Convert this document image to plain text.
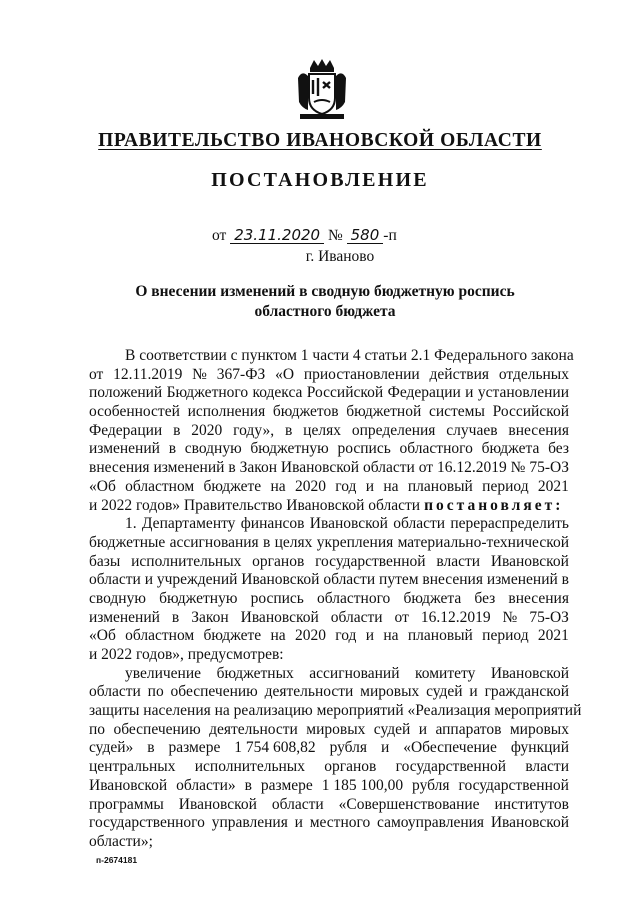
ПРАВИТЕЛЬСТВО ИВАНОВСКОЙ ОБЛАСТИ
ПОСТАНОВЛЕНИЕ
от 23.11.2020 № 580 -п
г. Иваново
О внесении изменений в сводную бюджетную роспись
областного бюджета
В соответствии с пунктом 1 части 4 статьи 2.1 Федерального закона
от 12.11.2019 № 367-ФЗ «О приостановлении действия отдельных
положений Бюджетного кодекса Российской Федерации и установлении
особенностей исполнения бюджетов бюджетной системы Российской
Федерации в 2020 году», в целях определения случаев внесения
изменений в сводную бюджетную роспись областного бюджета без
внесения изменений в Закон Ивановской области от 16.12.2019 № 75-ОЗ
«Об областном бюджете на 2020 год и на плановый период 2021
и 2022 годов» Правительство Ивановской области постановляет:
1. Департаменту финансов Ивановской области перераспределить
бюджетные ассигнования в целях укрепления материально-технической
базы исполнительных органов государственной власти Ивановской
области и учреждений Ивановской области путем внесения изменений в
сводную бюджетную роспись областного бюджета без внесения
изменений в Закон Ивановской области от 16.12.2019 № 75-ОЗ
«Об областном бюджете на 2020 год и на плановый период 2021
и 2022 годов», предусмотрев:
увеличение бюджетных ассигнований комитету Ивановской
области по обеспечению деятельности мировых судей и гражданской
защиты населения на реализацию мероприятий «Реализация мероприятий
по обеспечению деятельности мировых судей и аппаратов мировых
судей» в размере 1 754 608,82 рубля и «Обеспечение функций
центральных исполнительных органов государственной власти
Ивановской области» в размере 1 185 100,00 рубля государственной
программы Ивановской области «Совершенствование институтов
государственного управления и местного самоуправления Ивановской
области»;
п-2674181
